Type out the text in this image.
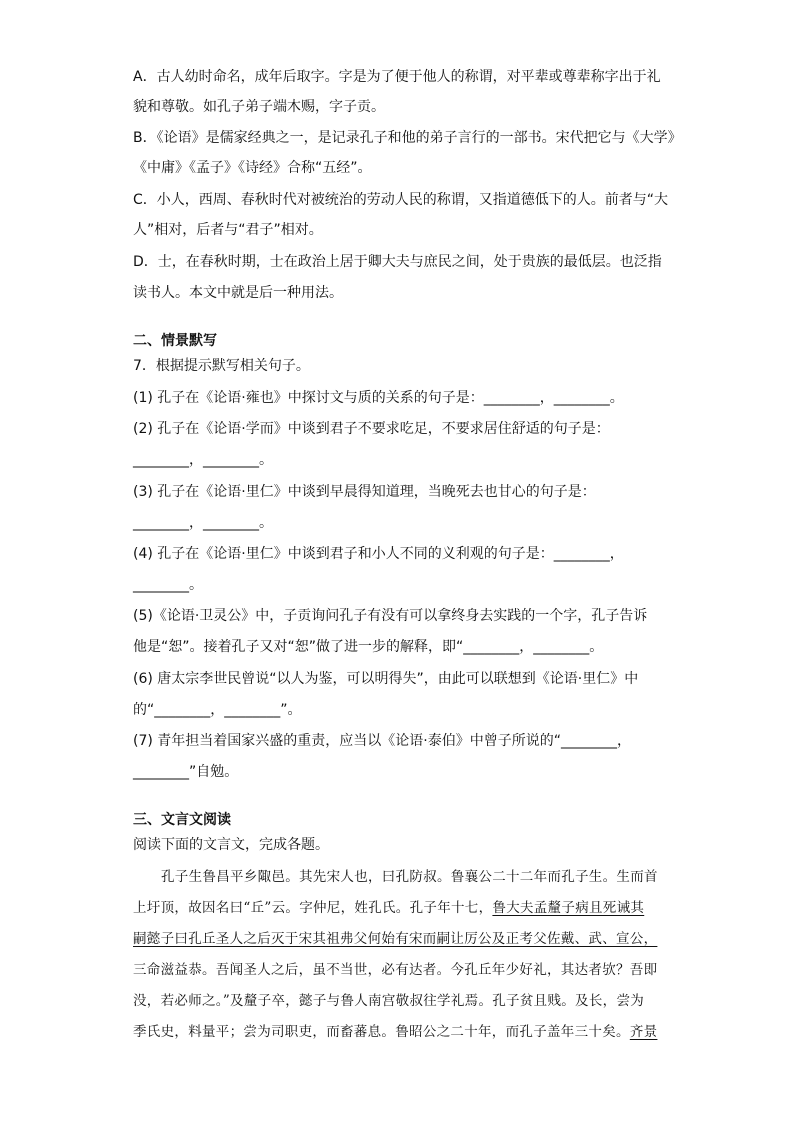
A．古人幼时命名，成年后取字。字是为了便于他人的称谓，对平辈或尊辈称字出于礼
貌和尊敬。如孔子弟子端木赐，字子贡。
B．《论语》是儒家经典之一，是记录孔子和他的弟子言行的一部书。宋代把它与《大学》
《中庸》《孟子》《诗经》合称“五经”。
C．小人，西周、春秋时代对被统治的劳动人民的称谓，又指道德低下的人。前者与“大
人”相对，后者与“君子”相对。
D．士，在春秋时期，士在政治上居于卿大夫与庶民之间，处于贵族的最低层。也泛指
读书人。本文中就是后一种用法。
二、情景默写
7．根据提示默写相关句子。
(1) 孔子在《论语·雍也》中探讨文与质的关系的句子是：________，________。
(2) 孔子在《论语·学而》中谈到君子不要求吃足，不要求居住舒适的句子是：
________，________。
(3) 孔子在《论语·里仁》中谈到早晨得知道理，当晚死去也甘心的句子是：
________，________。
(4) 孔子在《论语·里仁》中谈到君子和小人不同的义利观的句子是：________，
________。
(5)《论语·卫灵公》中，子贡询问孔子有没有可以拿终身去实践的一个字，孔子告诉
他是“恕”。接着孔子又对“恕”做了进一步的解释，即“________，________。
(6) 唐太宗李世民曾说“以人为鉴，可以明得失”，由此可以联想到《论语·里仁》中
的“________，________”。
(7) 青年担当着国家兴盛的重责，应当以《论语·泰伯》中曾子所说的“________，
________”自勉。
三、文言文阅读
阅读下面的文言文，完成各题。
孔子生鲁昌平乡陬邑。其先宋人也，曰孔防叔。鲁襄公二十二年而孔子生。生而首
上圩顶，故因名曰“丘”云。字仲尼，姓孔氏。孔子年十七，鲁大夫孟釐子病且死诫其
嗣懿子曰孔丘圣人之后灭于宋其祖弗父何始有宋而嗣让厉公及正考父佐戴、武、宣公，
三命滋益恭。吾闻圣人之后，虽不当世，必有达者。今孔丘年少好礼，其达者欤？吾即
没，若必师之。”及釐子卒，懿子与鲁人南宫敬叔往学礼焉。孔子贫且贱。及长，尝为
季氏史，料量平；尝为司职吏，而畜蕃息。鲁昭公之二十年，而孔子盖年三十矣。齐景
